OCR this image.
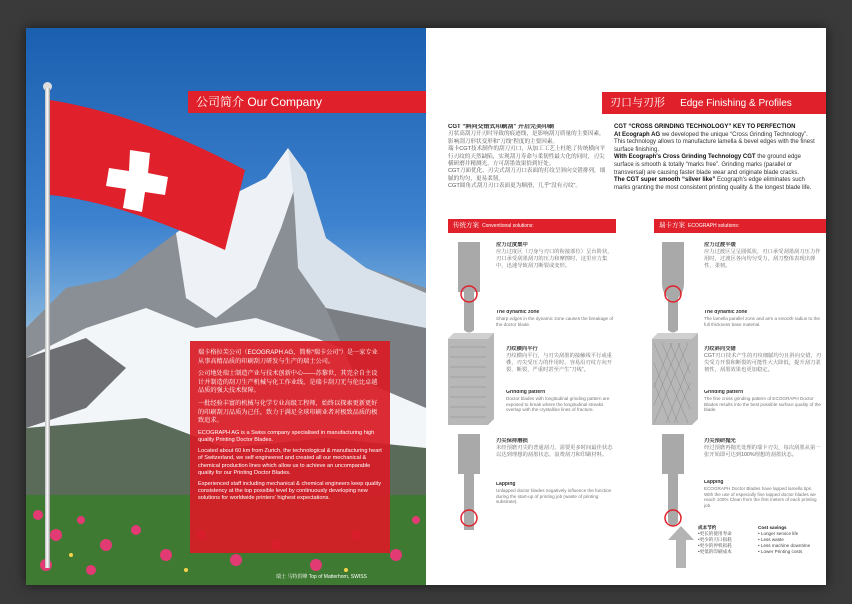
公司简介 Our Company
瑞卡格拉芙公司（ECOGRAPH AG，简称“瑞卡公司”）是一家专业从事高精品质的印刷刮刀研发与生产的瑞士公司。
公司地处瑞士制造产业与技术创新中心——苏黎世，其完全自主设计并制造的刮刀生产机械与化工作业线，是瑞卡刮刀无与伦比卓越品质的强大技术保障。
一批经验丰富的机械与化学专业高级工程师，始终以探索更新更好的印刷刮刀品质为己任，致力于满足全球印刷业者对极致品质的极致追求。
ECOGRAPH AG is a Swiss company specialised in manufacturing high quality Printing Doctor Blades.
Located about 60 km from Zurich, the technological & manufacturing heart of Switzerland, we self engineered and created all our mechanical & chemical production lines which allow us to achieve an uncomparable quality for our Printing Doctor Blades.
Experienced staff including mechanical & chemical engineers keep quality consistency at the top possible level by continuously developing new solutions for worldwide printers' highest expectations.
瑞士 马特洪峰 Top of Matterhorn, SWISS
刃口与刃形 Edge Finishing & Profiles
CGT “斜向交错式印刷刮” 开启完美印刷
刃状高刮刀开刃时导致的痕迹线，是影响刮刀质量的主要因素，影响刮刀形状变形和“刀线”程度的主要因素。
瑞卡CGT技术制作的刮刀刃口，从加工工艺上杜绝了传统横向平行刃纹的天然缺陷，实现刮刀寿命与柔韧性最大化的同时，刃尖横研磨并精测光，方可刮墨效果恰到好处。
CGT刀面优化、刃尖式刮刀刃口表面的打纹呈斜向交错排列，细腻的均匀，更易柔韧。
CGT圆角式刮刀刃口表面更为顺滑，几乎“没有刃纹”。
CGT “CROSS GRINDING TECHNOLOGY” KEY TO PERFECTION
At Ecograph AG we developed the unique “Cross Grinding Technology”. This technology allows to manufacture lamella & bevel edges with the finest surface finishing.
With Ecograph's Cross Grinding Technology CGT the ground edge surface is smooth & totally “marks free”. Grinding marks (parallel or transversal) are causing faster blade wear and originate blade cracks.
The CGT super smooth “silver like” Ecograph's edge eliminates such marks granting the most consistent printing quality & the longest blade life.
传统方案 Conventional solutions:	瑞卡方案 ECOGRAPH solutions:
应力过度集中
应力过度区（刀身与刃口的衔接部位）呈台阶状，刃口承受刮墨刮刀的压力和摩擦时，这里应力集中，迅速导致刮刀断裂或变形。
The dynamic zone
Sharp edges in the dynamic zone causes the breakage of the doctor blade.
刃纹横向平行
刃纹横向平行，与刃尖刮墨的接触线平行或重叠，刃尖受压力的作用时，容易沿刃纹方向开裂、断裂，严重时甚至产生“刀线”。
Grinding pattern
Doctor blades with longitudinal grinding pattern are exposed to break where the longitudinal streaks overlap with the crystalline lines of fracture.
刃尖保持磨损
未经预磨刃尖的普通刮刀，需要更多时间最佳状态以达到理想的刮墨状态，浪费刮刀和印刷材料。
Lapping
Unlapped doctor blades negatively influence the function during the start-up of printing job (waste of printing substrate).
应力过渡平缓
应力过渡区呈呈圆弧状，刃口承受刮墨刮刀压力作用时，过渡区各向均匀受力，刮刀整体表现出弹性、柔韧。
The dynamic zone
The lamella parallel zone and arm a smooth radius to the full thickness base material.
刃纹斜向交错
CGT刃口技术产生的刃纹细腻均匀且斜向交错，刃尖受力开裂和断裂的可能性大大降低，提升刮刀柔韧性，刮墨效果也更加稳定。
Grinding pattern
The fine cross grinding pattern of ECOGRAPH Doctor Blades results into the best possible surface quality of the blade.
刃尖预研抛光
经过预磨再抛光处理的瑞卡刃尖，每次刮墨从第一张开始即可达到100%理想的刮墨状态。
Lapping
ECOGRAPH Doctor Blades have lapped lamella tips. With the use of especially fine lapped doctor blades we reach 100% Clean from the first meters of each printing job.
成本节约	Cost savings
•更长的使用寿命	• Longer service life
•更少的刃口损耗	• Less waste
•更少的停机损耗	• Less machine downtime
•更低的印刷成本	• Lower Printing costs
